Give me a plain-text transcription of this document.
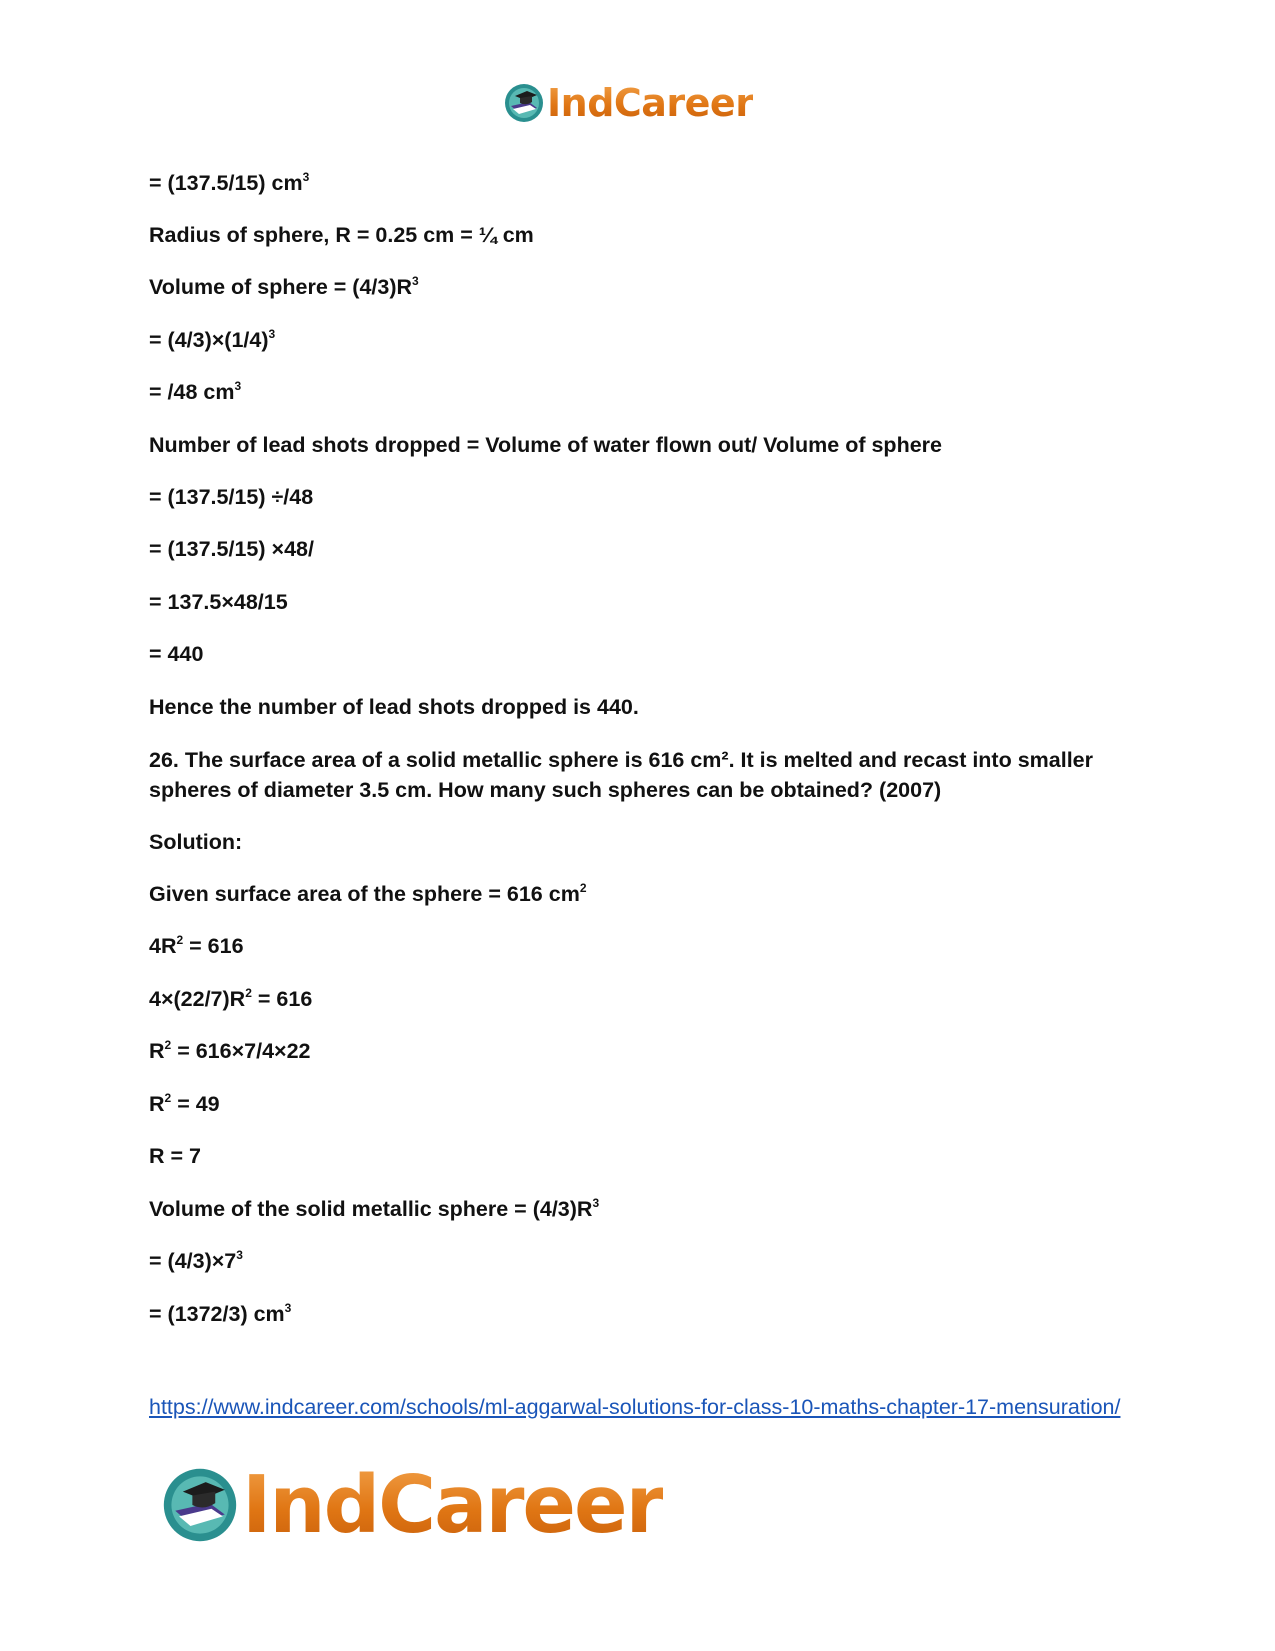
IndCareer
= (137.5/15) $cm^3$
Radius of sphere, R = 0.25 cm = ¼ cm
Volume of sphere = $(4/3)R^3$
= $(4/3)\times(1/4)^3$
= /48 $cm^3$
Number of lead shots dropped = Volume of water flown out/ Volume of sphere
= (137.5/15) ÷/48
= (137.5/15) ×48/
= 137.5×48/15
= 440
Hence the number of lead shots dropped is 440.
26. The surface area of a solid metallic sphere is 616 cm². It is melted and recast into smaller spheres of diameter 3.5 cm. How many such spheres can be obtained? (2007)
Solution:
Given surface area of the sphere = 616 $cm^2$
$4R^2 = 616$
$4\times(22/7)R^2 = 616$
$R^2 = 616\times 7/4\times 22$
$R^2 = 49$
R = 7
Volume of the solid metallic sphere = $(4/3)R^3$
= $(4/3)\times 7^3$
= (1372/3) $cm^3$
https://www.indcareer.com/schools/ml-aggarwal-solutions-for-class-10-maths-chapter-17-mensuration/
IndCareer
